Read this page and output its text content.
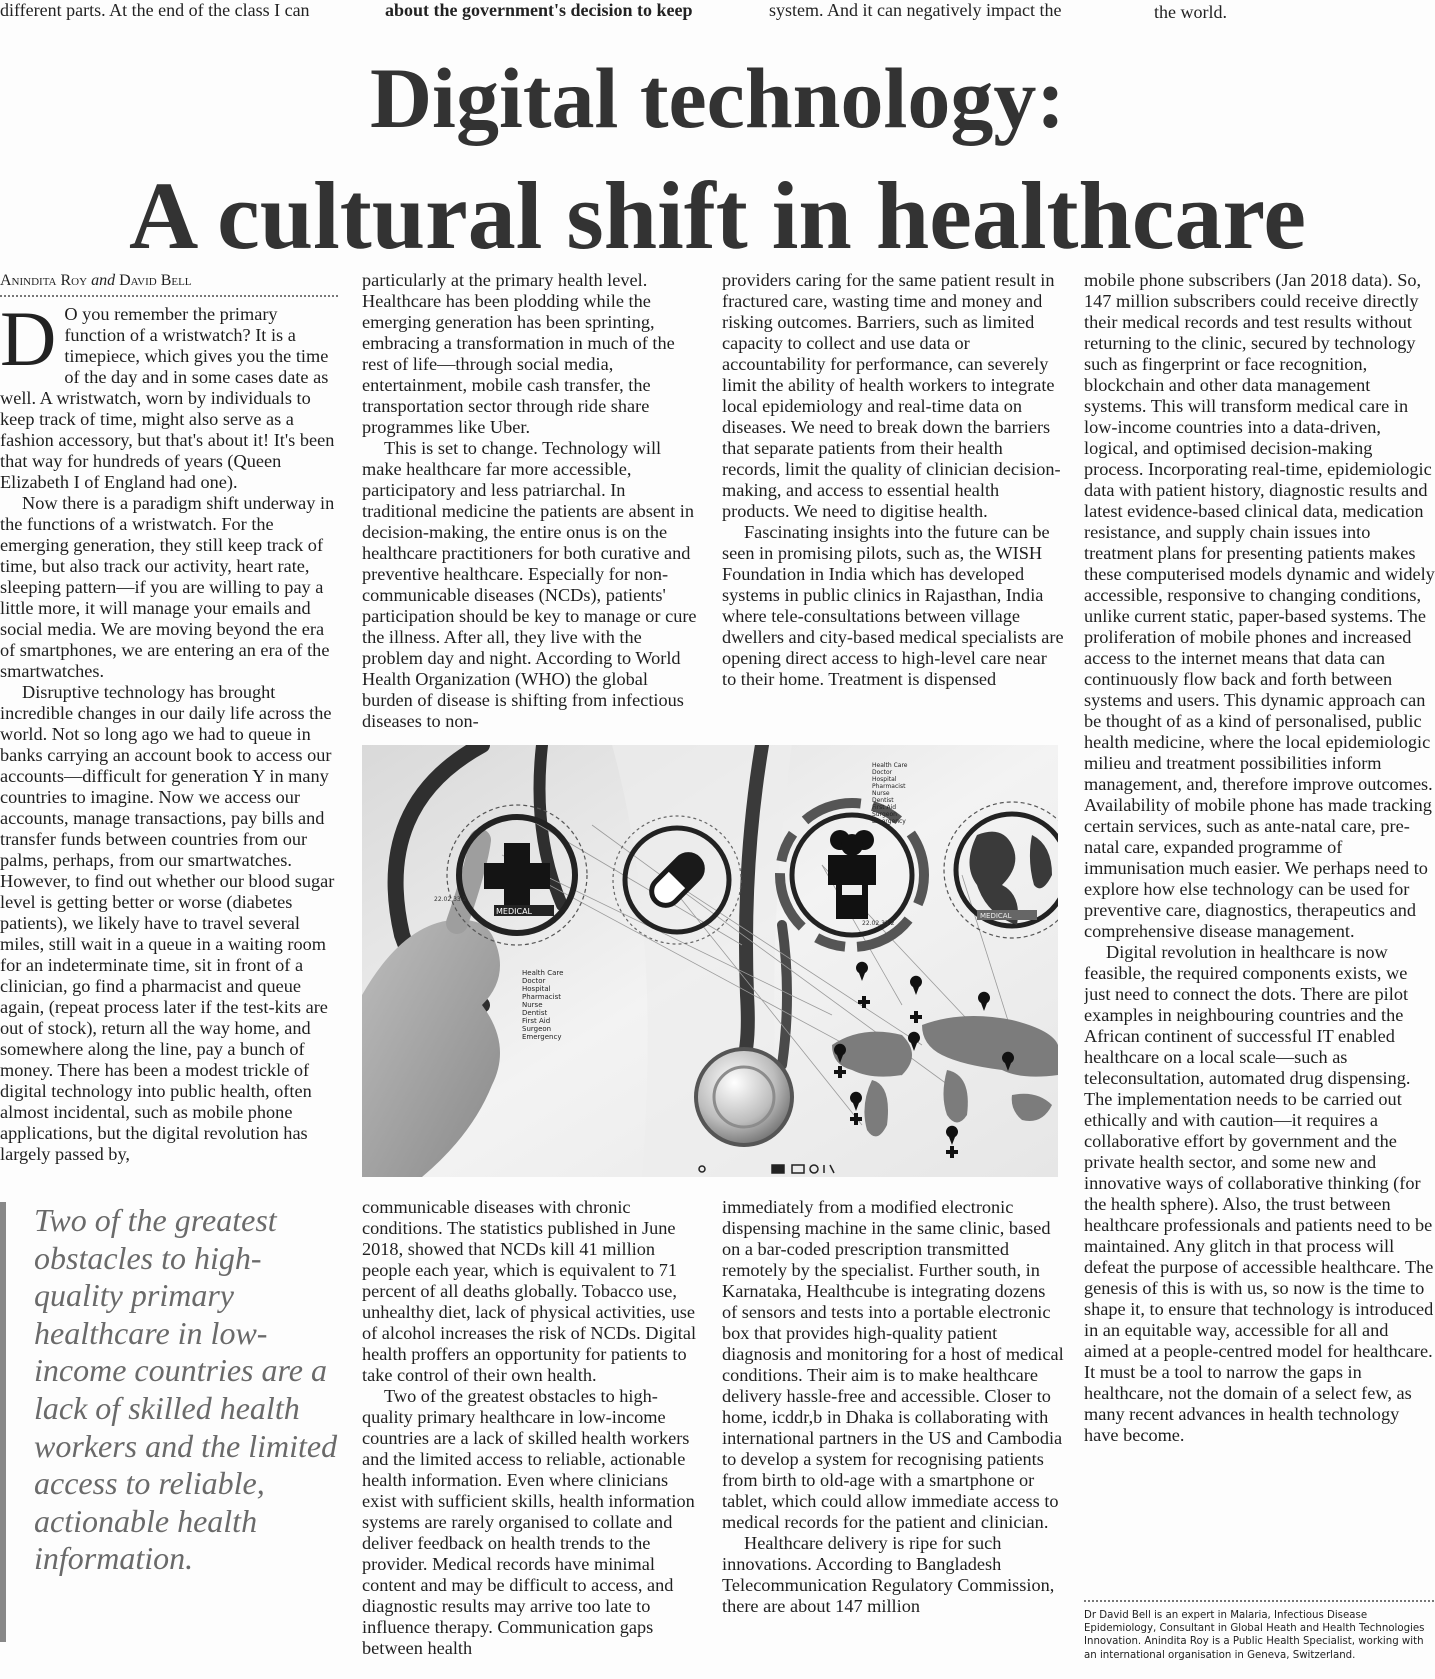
different parts. At the end of the class I can	about the government's decision to keep	system. And it can negatively impact the	the world.
Digital technology:
A cultural shift in healthcare
Anindita Roy and David Bell
D O you remember the primary function of a wristwatch? It is a timepiece, which gives you the time of the day and in some cases date as well. A wristwatch, worn by individuals to keep track of time, might also serve as a fashion accessory, but that's about it! It's been that way for hundreds of years (Queen Elizabeth I of England had one).

Now there is a paradigm shift underway in the functions of a wristwatch. For the emerging generation, they still keep track of time, but also track our activity, heart rate, sleeping pattern—if you are willing to pay a little more, it will manage your emails and social media. We are moving beyond the era of smartphones, we are entering an era of the smartwatches.

Disruptive technology has brought incredible changes in our daily life across the world. Not so long ago we had to queue in banks carrying an account book to access our accounts—difficult for generation Y in many countries to imagine. Now we access our accounts, manage transactions, pay bills and transfer funds between countries from our palms, perhaps, from our smartwatches. However, to find out whether our blood sugar level is getting better or worse (diabetes patients), we likely have to travel several miles, still wait in a queue in a waiting room for an indeterminate time, sit in front of a clinician, go find a pharmacist and queue again, (repeat process later if the test-kits are out of stock), return all the way home, and somewhere along the line, pay a bunch of money. There has been a modest trickle of digital technology into public health, often almost incidental, such as mobile phone applications, but the digital revolution has largely passed by,

Two of the greatest obstacles to high-quality primary healthcare in low-income countries are a lack of skilled health workers and the limited access to reliable, actionable health information.

particularly at the primary health level. Healthcare has been plodding while the emerging generation has been sprinting, embracing a transformation in much of the rest of life—through social media, entertainment, mobile cash transfer, the transportation sector through ride share programmes like Uber.

This is set to change. Technology will make healthcare far more accessible, participatory and less patriarchal. In traditional medicine the patients are absent in decision-making, the entire onus is on the healthcare practitioners for both curative and preventive healthcare. Especially for non-communicable diseases (NCDs), patients' participation should be key to manage or cure the illness. After all, they live with the problem day and night. According to World Health Organization (WHO) the global burden of disease is shifting from infectious diseases to non-

providers caring for the same patient result in fractured care, wasting time and money and risking outcomes. Barriers, such as limited capacity to collect and use data or accountability for performance, can severely limit the ability of health workers to integrate local epidemiology and real-time data on diseases. We need to break down the barriers that separate patients from their health records, limit the quality of clinician decision-making, and access to essential health products. We need to digitise health.

Fascinating insights into the future can be seen in promising pilots, such as, the WISH Foundation in India which has developed systems in public clinics in Rajasthan, India where tele-consultations between village dwellers and city-based medical specialists are opening direct access to high-level care near to their home. Treatment is dispensed

MEDICAL
22.02.33.2
22.02.33.2
MEDICAL
Health Care
Doctor
Hospital
Pharmacist
Nurse
Dentist
First Aid
Surgeon
Emergency
Health Care
Doctor
Hospital
Pharmacist
Nurse
Dentist
First Aid
Surgeon
Emergency

communicable diseases with chronic conditions. The statistics published in June 2018, showed that NCDs kill 41 million people each year, which is equivalent to 71 percent of all deaths globally. Tobacco use, unhealthy diet, lack of physical activities, use of alcohol increases the risk of NCDs. Digital health proffers an opportunity for patients to take control of their own health.

Two of the greatest obstacles to high-quality primary healthcare in low-income countries are a lack of skilled health workers and the limited access to reliable, actionable health information. Even where clinicians exist with sufficient skills, health information systems are rarely organised to collate and deliver feedback on health trends to the provider. Medical records have minimal content and may be difficult to access, and diagnostic results may arrive too late to influence therapy. Communication gaps between health

immediately from a modified electronic dispensing machine in the same clinic, based on a bar-coded prescription transmitted remotely by the specialist. Further south, in Karnataka, Healthcube is integrating dozens of sensors and tests into a portable electronic box that provides high-quality patient diagnosis and monitoring for a host of medical conditions. Their aim is to make healthcare delivery hassle-free and accessible. Closer to home, icddr,b in Dhaka is collaborating with international partners in the US and Cambodia to develop a system for recognising patients from birth to old-age with a smartphone or tablet, which could allow immediate access to medical records for the patient and clinician.

Healthcare delivery is ripe for such innovations. According to Bangladesh Telecommunication Regulatory Commission, there are about 147 million

mobile phone subscribers (Jan 2018 data). So, 147 million subscribers could receive directly their medical records and test results without returning to the clinic, secured by technology such as fingerprint or face recognition, blockchain and other data management systems. This will transform medical care in low-income countries into a data-driven, logical, and optimised decision-making process. Incorporating real-time, epidemiologic data with patient history, diagnostic results and latest evidence-based clinical data, medication resistance, and supply chain issues into treatment plans for presenting patients makes these computerised models dynamic and widely accessible, responsive to changing conditions, unlike current static, paper-based systems. The proliferation of mobile phones and increased access to the internet means that data can continuously flow back and forth between systems and users. This dynamic approach can be thought of as a kind of personalised, public health medicine, where the local epidemiologic milieu and treatment possibilities inform management, and, therefore improve outcomes. Availability of mobile phone has made tracking certain services, such as ante-natal care, pre-natal care, expanded programme of immunisation much easier. We perhaps need to explore how else technology can be used for preventive care, diagnostics, therapeutics and comprehensive disease management.

Digital revolution in healthcare is now feasible, the required components exists, we just need to connect the dots. There are pilot examples in neighbouring countries and the African continent of successful IT enabled healthcare on a local scale—such as teleconsultation, automated drug dispensing. The implementation needs to be carried out ethically and with caution—it requires a collaborative effort by government and the private health sector, and some new and innovative ways of collaborative thinking (for the health sphere). Also, the trust between healthcare professionals and patients need to be maintained. Any glitch in that process will defeat the purpose of accessible healthcare. The genesis of this is with us, so now is the time to shape it, to ensure that technology is introduced in an equitable way, accessible for all and aimed at a people-centred model for healthcare. It must be a tool to narrow the gaps in healthcare, not the domain of a select few, as many recent advances in health technology have become.

Dr David Bell is an expert in Malaria, Infectious Disease Epidemiology, Consultant in Global Heath and Health Technologies Innovation. Anindita Roy is a Public Health Specialist, working with an international organisation in Geneva, Switzerland.
